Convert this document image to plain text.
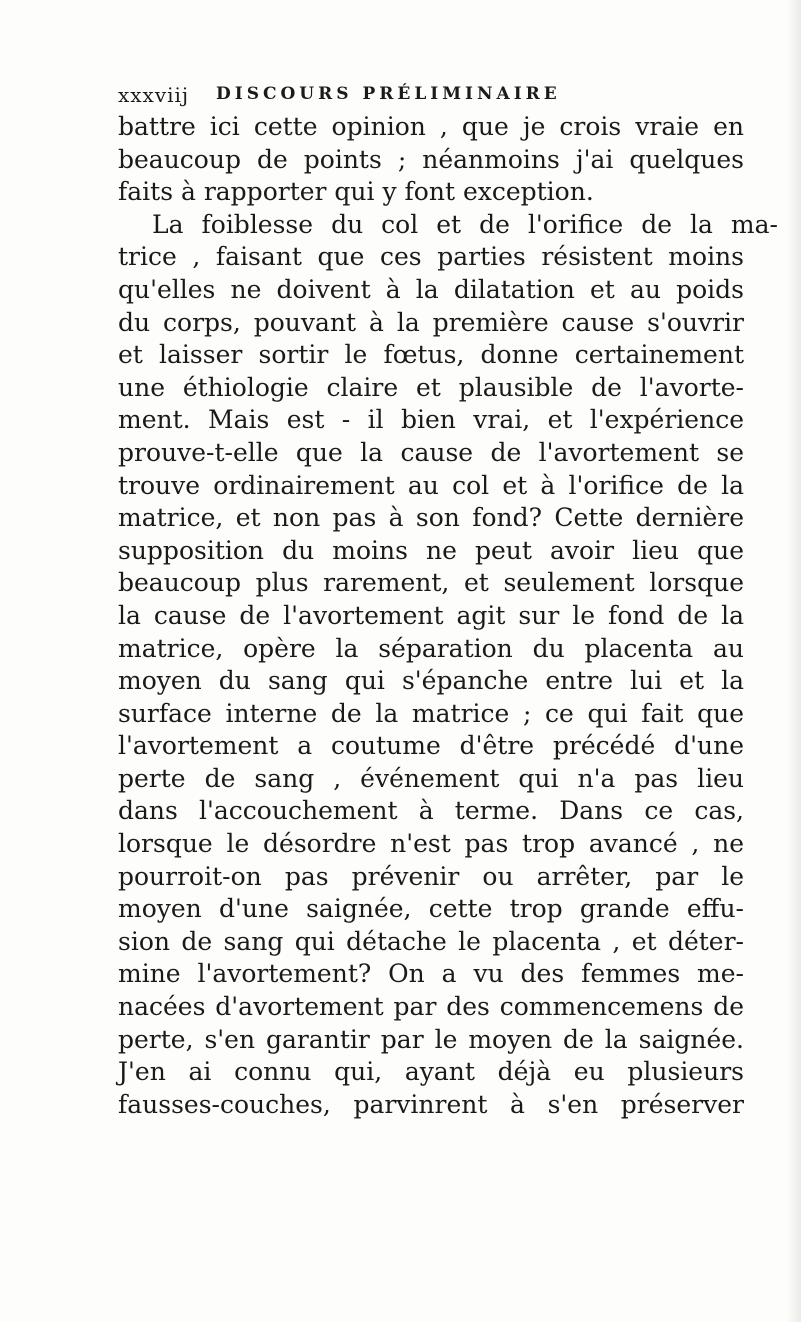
xxxviij DISCOURS PRÉLIMINAIRE
battre ici cette opinion , que je crois vraie en
beaucoup de points ; néanmoins j'ai quelques
faits à rapporter qui y font exception.
La foiblesse du col et de l'orifice de la ma-
trice , faisant que ces parties résistent moins
qu'elles ne doivent à la dilatation et au poids
du corps, pouvant à la première cause s'ouvrir
et laisser sortir le fœtus, donne certainement
une éthiologie claire et plausible de l'avorte-
ment. Mais est - il bien vrai, et l'expérience
prouve-t-elle que la cause de l'avortement se
trouve ordinairement au col et à l'orifice de la
matrice, et non pas à son fond? Cette dernière
supposition du moins ne peut avoir lieu que
beaucoup plus rarement, et seulement lorsque
la cause de l'avortement agit sur le fond de la
matrice, opère la séparation du placenta au
moyen du sang qui s'épanche entre lui et la
surface interne de la matrice ; ce qui fait que
l'avortement a coutume d'être précédé d'une
perte de sang , événement qui n'a pas lieu
dans l'accouchement à terme. Dans ce cas,
lorsque le désordre n'est pas trop avancé , ne
pourroit-on pas prévenir ou arrêter, par le
moyen d'une saignée, cette trop grande effu-
sion de sang qui détache le placenta , et déter-
mine l'avortement? On a vu des femmes me-
nacées d'avortement par des commencemens de
perte, s'en garantir par le moyen de la saignée.
J'en ai connu qui, ayant déjà eu plusieurs
fausses-couches, parvinrent à s'en préserver
